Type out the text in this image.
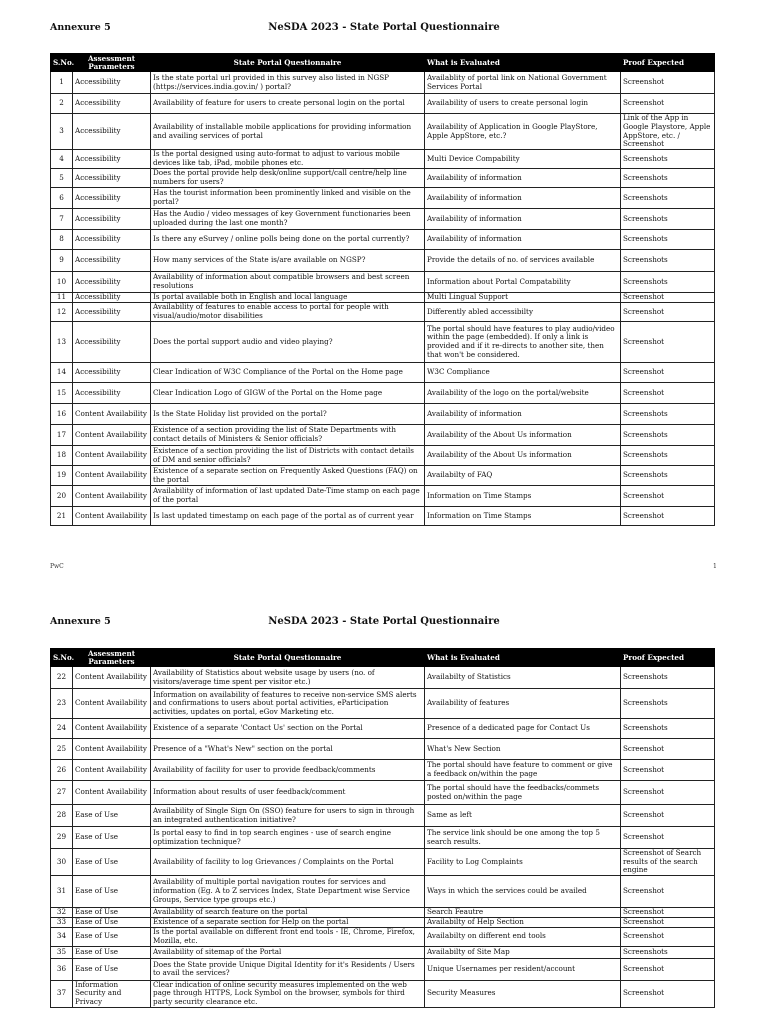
Annexure 5	NeSDA 2023 - State Portal Questionnaire
S.No.	Assessment Parameters	State Portal Questionnaire	What is Evaluated	Proof Expected
1	Accessibility	Is the state portal url provided in this survey also listed in NGSP (https://services.india.gov.in/ ) portal?	Availablity of portal link on National Government Services Portal	Screenshot
2	Accessibility	Availability of feature for users to create personal login on the portal	Availability of users to create personal login	Screenshot
3	Accessibility	Availability of installable mobile applications for providing information and availing services of portal	Availability of Application in Google PlayStore, Apple AppStore, etc.?	Link of the App in Google Playstore, Apple AppStore, etc. / Screenshot
4	Accessibility	Is the portal designed using auto-format to adjust to various mobile devices like tab, iPad, mobile phones etc.	Multi Device Compability	Screenshots
5	Accessibility	Does the portal provide help desk/online support/call centre/help line numbers for users?	Availability of information	Screenshots
6	Accessibility	Has the tourist information been prominently linked and visible on the portal?	Availability of information	Screenshots
7	Accessibility	Has the Audio / video messages of key Government functionaries been uploaded during the last one month?	Availability of information	Screenshots
8	Accessibility	Is there any eSurvey / online polls being done on the portal currently?	Availability of information	Screenshots
9	Accessibility	How many services of the State is/are available on NGSP?	Provide the details of no. of services available	Screenshots
10	Accessibility	Availability of information about compatible browsers and best screen resolutions	Information about Portal Compatability	Screenshots
11	Accessibility	Is portal available both in English and local language	Multi Lingual Support	Screenshot
12	Accessibility	Availability of features to enable access to portal for people with visual/audio/motor disabilities	Differently abled accessibilty	Screenshot
13	Accessibility	Does the portal support audio and video playing?	The portal should have features to play audio/video within the page (embedded). If only a link is provided and if it re-directs to another site, then that won't be considered.	Screenshot
14	Accessibility	Clear Indication of W3C Compliance of the Portal on the Home page	W3C Compliance	Screenshot
15	Accessibility	Clear Indication Logo of GIGW of the Portal on the Home page	Availability of the logo on the portal/website	Screenshot
16	Content Availability	Is the State Holiday list provided on the portal?	Availability of information	Screenshots
17	Content Availability	Existence of a section providing the list of State Departments with contact details of Ministers & Senior officials?	Availability of the About Us information	Screenshots
18	Content Availability	Existence of a section providing the list of Districts with contact details of DM and senior officials?	Availability of the About Us information	Screenshots
19	Content Availability	Existence of a separate section on Frequently Asked Questions (FAQ) on the portal	Availabilty of FAQ	Screenshots
20	Content Availability	Availability of information of last updated Date-Time stamp on each page of the portal	Information on Time Stamps	Screenshot
21	Content Availability	Is last updated timestamp on each page of the portal as of current year	Information on Time Stamps	Screenshot
PwC	1
Annexure 5	NeSDA 2023 - State Portal Questionnaire
S.No.	Assessment Parameters	State Portal Questionnaire	What is Evaluated	Proof Expected
22	Content Availability	Availability of Statistics about website usage by users (no. of visitors/average time spent per visitor etc.)	Availabilty of Statistics	Screenshots
23	Content Availability	Information on availability of features to receive non-service SMS alerts and confirmations to users about portal activities, eParticipation activities, updates on portal, eGov Marketing etc.	Availability of features	Screenshots
24	Content Availability	Existence of a separate 'Contact Us' section on the Portal	Presence of a dedicated page for Contact Us	Screenshots
25	Content Availability	Presence of a "What's New" section on the portal	What's New Section	Screenshot
26	Content Availability	Availability of facility for user to provide feedback/comments	The portal should have feature to comment or give a feedback on/within the page	Screenshot
27	Content Availability	Information about results of user feedback/comment	The portal should have the feedbacks/commets posted on/within the page	Screenshot
28	Ease of Use	Availability of Single Sign On (SSO) feature for users to sign in through an integrated authentication initiative?	Same as left	Screenshot
29	Ease of Use	Is portal easy to find in top search engines - use of search engine optimization technique?	The service link should be one among the top 5 search results.	Screenshot
30	Ease of Use	Availability of facility to log Grievances / Complaints on the Portal	Facility to Log Complaints	Screenshot of Search results of the search engine
31	Ease of Use	Availability of multiple portal navigation routes for services and information (Eg. A to Z services Index, State Department wise Service Groups, Service type groups etc.)	Ways in which the services could be availed	Screenshot
32	Ease of Use	Availability of search feature on the portal	Search Feautre	Screenshot
33	Ease of Use	Existence of a separate section for Help on the portal	Availabilty of Help Section	Screenshot
34	Ease of Use	Is the portal available on different front end tools - IE, Chrome, Firefox, Mozilla, etc.	Availabilty on different end tools	Screenshot
35	Ease of Use	Availability of sitemap of the Portal	Availabilty of Site Map	Screenshots
36	Ease of Use	Does the State provide Unique Digital Identity for it's Residents / Users to avail the services?	Unique Usernames per resident/account	Screenshot
37	Information Security and Privacy	Clear indication of online security measures implemented on the web page through HTTPS, Lock Symbol on the browser, symbols for third party security clearance etc.	Security Measures	Screenshot
